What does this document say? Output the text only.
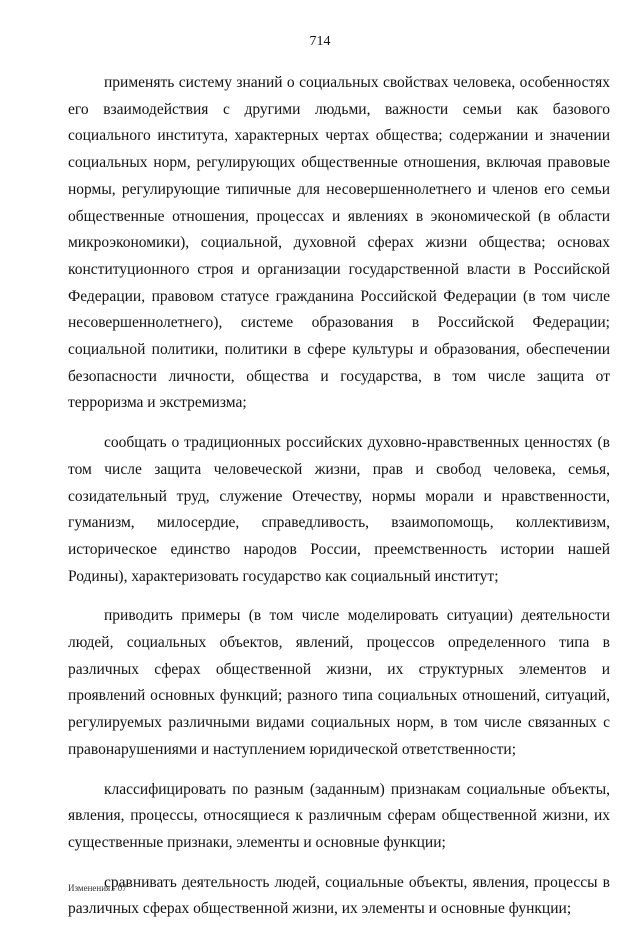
714

применять систему знаний о социальных свойствах человека, особенностях его взаимодействия с другими людьми, важности семьи как базового социального института, характерных чертах общества; содержании и значении социальных норм, регулирующих общественные отношения, включая правовые нормы, регулирующие типичные для несовершеннолетнего и членов его семьи общественные отношения, процессах и явлениях в экономической (в области микроэкономики), социальной, духовной сферах жизни общества; основах конституционного строя и организации государственной власти в Российской Федерации, правовом статусе гражданина Российской Федерации (в том числе несовершеннолетнего), системе образования в Российской Федерации; социальной политики, политики в сфере культуры и образования, обеспечении безопасности личности, общества и государства, в том числе защита от терроризма и экстремизма;

сообщать о традиционных российских духовно-нравственных ценностях (в том числе защита человеческой жизни, прав и свобод человека, семья, созидательный труд, служение Отечеству, нормы морали и нравственности, гуманизм, милосердие, справедливость, взаимопомощь, коллективизм, историческое единство народов России, преемственность истории нашей Родины), характеризовать государство как социальный институт;

приводить примеры (в том числе моделировать ситуации) деятельности людей, социальных объектов, явлений, процессов определенного типа в различных сферах общественной жизни, их структурных элементов и проявлений основных функций; разного типа социальных отношений, ситуаций, регулируемых различными видами социальных норм, в том числе связанных с правонарушениями и наступлением юридической ответственности;

классифицировать по разным (заданным) признакам социальные объекты, явления, процессы, относящиеся к различным сферам общественной жизни, их существенные признаки, элементы и основные функции;

сравнивать деятельность людей, социальные объекты, явления, процессы в различных сферах общественной жизни, их элементы и основные функции;

Изменения - 07
